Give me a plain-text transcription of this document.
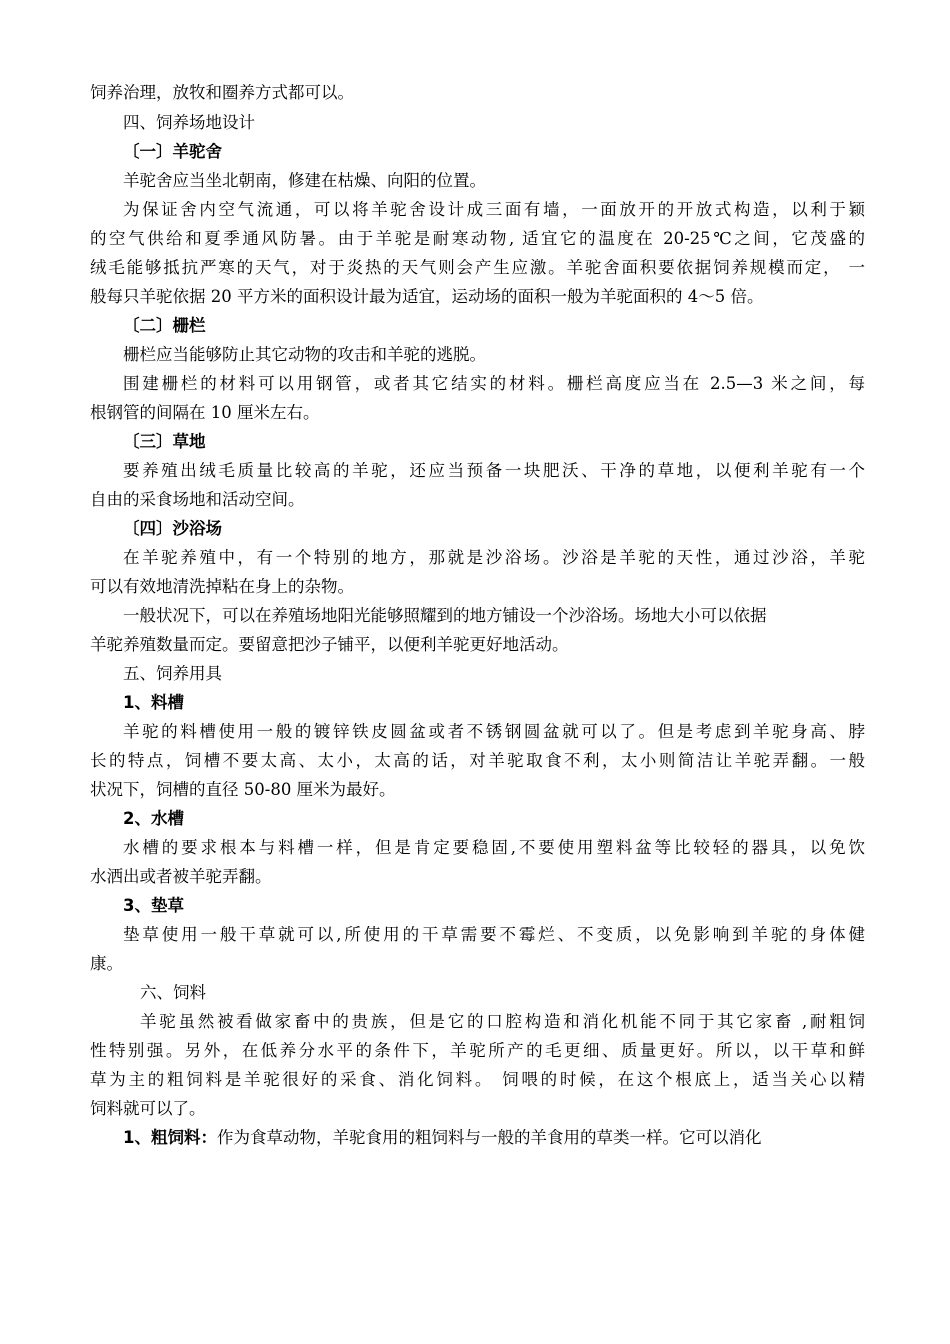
饲养治理，放牧和圈养方式都可以。
四、饲养场地设计
〔一〕羊驼舍
羊驼舍应当坐北朝南，修建在枯燥、向阳的位置。
为保证舍内空气流通，可以将羊驼舍设计成三面有墙，一面放开的开放式构造，以利于颖
的空气供给和夏季通风防暑。由于羊驼是耐寒动物, 适宜它的温度在 20-25℃之间，它茂盛的
绒毛能够抵抗严寒的天气，对于炎热的天气则会产生应激。羊驼舍面积要依据饲养规模而定， 一
般每只羊驼依据 20 平方米的面积设计最为适宜，运动场的面积一般为羊驼面积的 4～5 倍。
〔二〕栅栏
栅栏应当能够防止其它动物的攻击和羊驼的逃脱。
围建栅栏的材料可以用钢管，或者其它结实的材料。栅栏高度应当在 2.5—3 米之间，每
根钢管的间隔在 10 厘米左右。
〔三〕草地
要养殖出绒毛质量比较高的羊驼，还应当预备一块肥沃、干净的草地，以便利羊驼有一个
自由的采食场地和活动空间。
〔四〕沙浴场
在羊驼养殖中，有一个特别的地方，那就是沙浴场。沙浴是羊驼的天性，通过沙浴，羊驼
可以有效地清洗掉粘在身上的杂物。
一般状况下，可以在养殖场地阳光能够照耀到的地方铺设一个沙浴场。场地大小可以依据
羊驼养殖数量而定。要留意把沙子铺平，以便利羊驼更好地活动。
五、饲养用具
1、料槽
羊驼的料槽使用一般的镀锌铁皮圆盆或者不锈钢圆盆就可以了。但是考虑到羊驼身高、脖
长的特点，饲槽不要太高、太小，太高的话，对羊驼取食不利，太小则简洁让羊驼弄翻。一般
状况下，饲槽的直径 50-80 厘米为最好。
2、水槽
水槽的要求根本与料槽一样，但是肯定要稳固,不要使用塑料盆等比较轻的器具，以免饮
水洒出或者被羊驼弄翻。
3、垫草
垫草使用一般干草就可以,所使用的干草需要不霉烂、不变质，以免影响到羊驼的身体健
康。
六、饲料
羊驼虽然被看做家畜中的贵族，但是它的口腔构造和消化机能不同于其它家畜 ,耐粗饲
性特别强。另外，在低养分水平的条件下，羊驼所产的毛更细、质量更好。所以，以干草和鲜
草为主的粗饲料是羊驼很好的采食、消化饲料。 饲喂的时候，在这个根底上，适当关心以精
饲料就可以了。
1、粗饲料：作为食草动物，羊驼食用的粗饲料与一般的羊食用的草类一样。它可以消化
